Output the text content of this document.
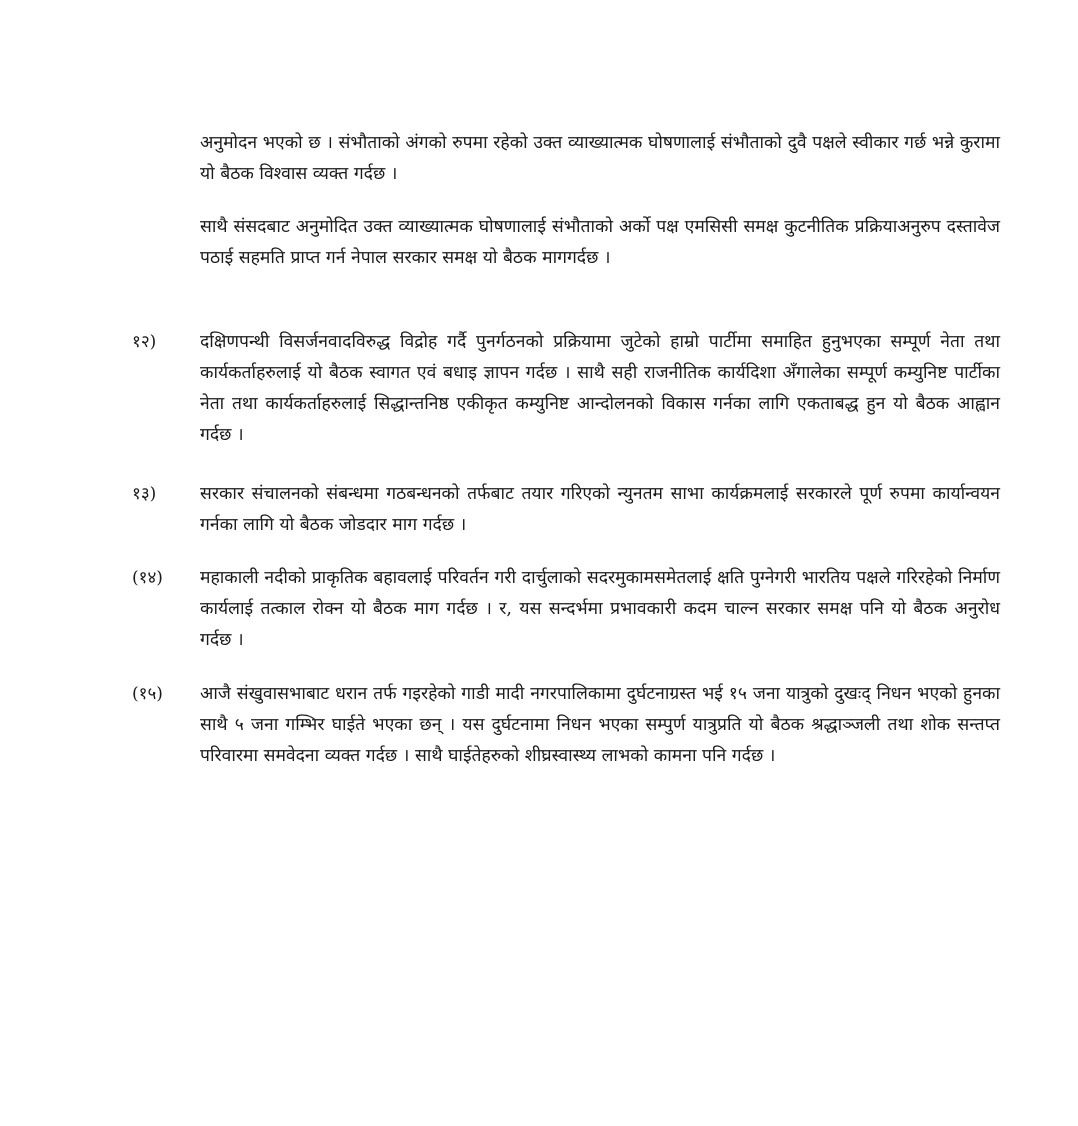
अनुमोदन भएको छ । संभौताको अंगको रुपमा रहेको उक्त व्याख्यात्मक घोषणालाई संभौताको दुवै पक्षले स्वीकार गर्छ भन्ने कुरामा यो बैठक विश्वास व्यक्त गर्दछ ।
साथै संसदबाट अनुमोदित उक्त व्याख्यात्मक घोषणालाई संभौताको अर्को पक्ष एमसिसी समक्ष कुटनीतिक प्रक्रियाअनुरुप दस्तावेज पठाई सहमति प्राप्त गर्न नेपाल सरकार समक्ष यो बैठक मागगर्दछ ।
१२) दक्षिणपन्थी विसर्जनवादविरुद्ध विद्रोह गर्दै पुनर्गठनको प्रक्रियामा जुटेको हाम्रो पार्टीमा समाहित हुनुभएका सम्पूर्ण नेता तथा कार्यकर्ताहरुलाई यो बैठक स्वागत एवं बधाइ ज्ञापन गर्दछ । साथै सही राजनीतिक कार्यदिशा अँगालेका सम्पूर्ण कम्युनिष्ट पार्टीका नेता तथा कार्यकर्ताहरुलाई सिद्धान्तनिष्ठ एकीकृत कम्युनिष्ट आन्दोलनको विकास गर्नका लागि एकताबद्ध हुन यो बैठक आह्वान गर्दछ ।
१३) सरकार संचालनको संबन्धमा गठबन्धनको तर्फबाट तयार गरिएको न्युनतम साभा कार्यक्रमलाई सरकारले पूर्ण रुपमा कार्यान्वयन गर्नका लागि यो बैठक जोडदार माग गर्दछ ।
(१४) महाकाली नदीको प्राकृतिक बहावलाई परिवर्तन गरी दार्चुलाको सदरमुकामसमेतलाई क्षति पुग्नेगरी भारतिय पक्षले गरिरहेको निर्माण कार्यलाई तत्काल रोक्न यो बैठक माग गर्दछ । र, यस सन्दर्भमा प्रभावकारी कदम चाल्न सरकार समक्ष पनि यो बैठक अनुरोध गर्दछ ।
(१५) आजै संखुवासभाबाट धरान तर्फ गइरहेको गाडी मादी नगरपालिकामा दुर्घटनाग्रस्त भई १५ जना यात्रुको दुखःद् निधन भएको हुनका साथै ५ जना गम्भिर घाईते भएका छन् । यस दुर्घटनामा निधन भएका सम्पुर्ण यात्रुप्रति यो बैठक श्रद्धाञ्जली तथा शोक सन्तप्त परिवारमा समवेदना व्यक्त गर्दछ । साथै घाईतेहरुको शीघ्रस्वास्थ्य लाभको कामना पनि गर्दछ ।
